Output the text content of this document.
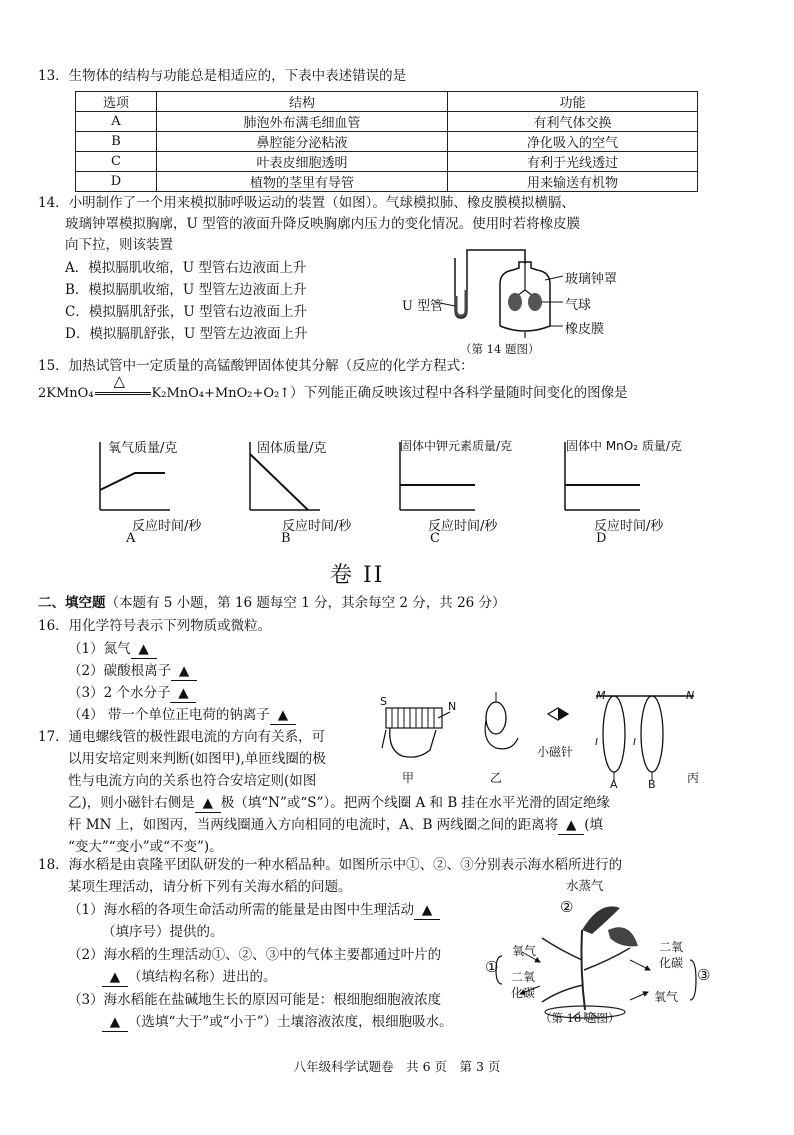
13．生物体的结构与功能总是相适应的，下表中表述错误的是
选项	结构	功能
A	肺泡外布满毛细血管	有利气体交换
B	鼻腔能分泌粘液	净化吸入的空气
C	叶表皮细胞透明	有利于光线透过
D	植物的茎里有导管	用来输送有机物
14．小明制作了一个用来模拟肺呼吸运动的装置（如图）。气球模拟肺、橡皮膜模拟横膈、
玻璃钟罩模拟胸廓，U 型管的液面升降反映胸廓内压力的变化情况。使用时若将橡皮膜
向下拉，则该装置
A．模拟膈肌收缩，U 型管右边液面上升
B．模拟膈肌收缩，U 型管左边液面上升
C．模拟膈肌舒张，U 型管右边液面上升
D．模拟膈肌舒张，U 型管左边液面上升
U 型管
玻璃钟罩
气球
橡皮膜
（第 14 题图）
15．加热试管中一定质量的高锰酸钾固体使其分解（反应的化学方程式：
2KMnO₄
△
K₂MnO₄+MnO₂+O₂↑）下列能正确反映该过程中各科学量随时间变化的图像是
氧气质量/克	固体质量/克	固体中钾元素质量/克	固体中 MnO₂ 质量/克
反应时间/秒	反应时间/秒	反应时间/秒	反应时间/秒
A	B	C	D
卷 II
二、填空题（本题有 5 小题，第 16 题每空 1 分，其余每空 2 分，共 26 分）
16．用化学符号表示下列物质或微粒。
（1）氮气 ▲
（2）碳酸根离子 ▲
（3）2 个水分子 ▲
（4） 带一个单位正电荷的钠离子 ▲
17．通电螺线管的极性跟电流的方向有关系，可
以用安培定则来判断(如图甲),单匝线圈的极
性与电流方向的关系也符合安培定则(如图
乙)，则小磁针右侧是 ▲ 极（填“N”或“S”）。把两个线圈 A 和 B 挂在水平光滑的固定绝缘
杆 MN 上，如图丙，当两线圈通入方向相同的电流时，A、B 两线圈之间的距离将 ▲ (填
“变大”“变小”或“不变”)。
S	N
M	N
I	I
A	B
小磁针
甲	乙	丙
18．海水稻是由袁隆平团队研发的一种水稻品种。如图所示中①、②、③分别表示海水稻所进行的
某项生理活动，请分析下列有关海水稻的问题。
（1）海水稻的各项生命活动所需的能量是由图中生理活动 ▲
（填序号）提供的。
（2）海水稻的生理活动①、②、③中的气体主要都通过叶片的
▲ （填结构名称）进出的。
（3）海水稻能在盐碱地生长的原因可能是：根细胞细胞液浓度
▲ （选填“大于”或“小于”）土壤溶液浓度，根细胞吸水。
水蒸气
②
氧气
①
二氧
化碳
二氧
化碳
③
氧气
（第 18 题图）
八年级科学试题卷　共 6 页　第 3 页
